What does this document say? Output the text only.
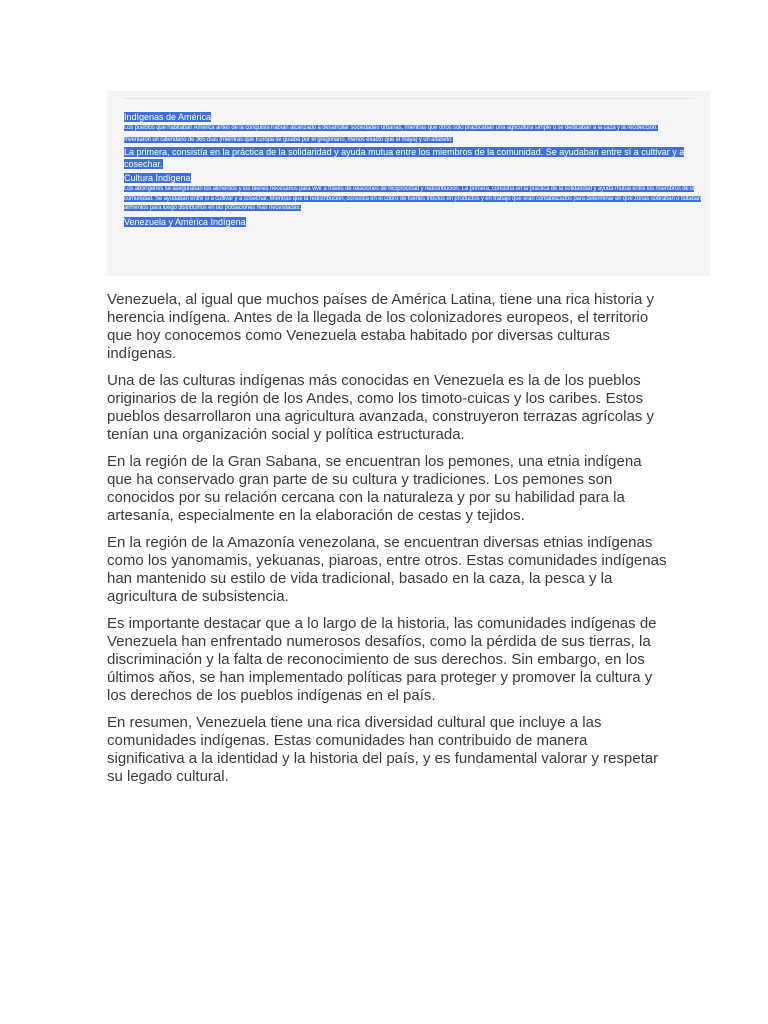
Indígenas de América

Los pueblos que habitaban América antes de la conquista habían alcanzado a desarrollar sociedades urbanas, mientras que otros sólo practicaban una agricultura simple o se dedicaban a la caza y la recolección.

Inventaron un calendario de 365 días (mientras que Europa se guiaba por el gregoriano, menos exacto que el maya) y un alfabeto.

La primera, consistía en la práctica de la solidaridad y ayuda mutua entre los miembros de la comunidad. Se ayudaban entre sí a cultivar y a cosechar.

Cultura Indígena

Los aborígenes se aseguraban los alimentos y los bienes necesarios para vivir a través de relaciones de reciprocidad y redistribución. La primera, consistía en la práctica de la solidaridad y ayuda mutua entre los miembros de la comunidad. Se ayudaban entre sí a cultivar y a cosechar. Mientras que la redistribución, consistía en el cobro de fuertes tributos en productos y en trabajo que eran contabilizados para determinar en qué zonas sobraban o faltaban alimentos para luego distribuirlos en las poblaciones más necesitadas.

Venezuela y América Indígena

Venezuela, al igual que muchos países de América Latina, tiene una rica historia y herencia indígena. Antes de la llegada de los colonizadores europeos, el territorio que hoy conocemos como Venezuela estaba habitado por diversas culturas indígenas.

Una de las culturas indígenas más conocidas en Venezuela es la de los pueblos originarios de la región de los Andes, como los timoto-cuicas y los caribes. Estos pueblos desarrollaron una agricultura avanzada, construyeron terrazas agrícolas y tenían una organización social y política estructurada.

En la región de la Gran Sabana, se encuentran los pemones, una etnia indígena que ha conservado gran parte de su cultura y tradiciones. Los pemones son conocidos por su relación cercana con la naturaleza y por su habilidad para la artesanía, especialmente en la elaboración de cestas y tejidos.

En la región de la Amazonía venezolana, se encuentran diversas etnias indígenas como los yanomamis, yekuanas, piaroas, entre otros. Estas comunidades indígenas han mantenido su estilo de vida tradicional, basado en la caza, la pesca y la agricultura de subsistencia.

Es importante destacar que a lo largo de la historia, las comunidades indígenas de Venezuela han enfrentado numerosos desafíos, como la pérdida de sus tierras, la discriminación y la falta de reconocimiento de sus derechos. Sin embargo, en los últimos años, se han implementado políticas para proteger y promover la cultura y los derechos de los pueblos indígenas en el país.

En resumen, Venezuela tiene una rica diversidad cultural que incluye a las comunidades indígenas. Estas comunidades han contribuido de manera significativa a la identidad y la historia del país, y es fundamental valorar y respetar su legado cultural.
